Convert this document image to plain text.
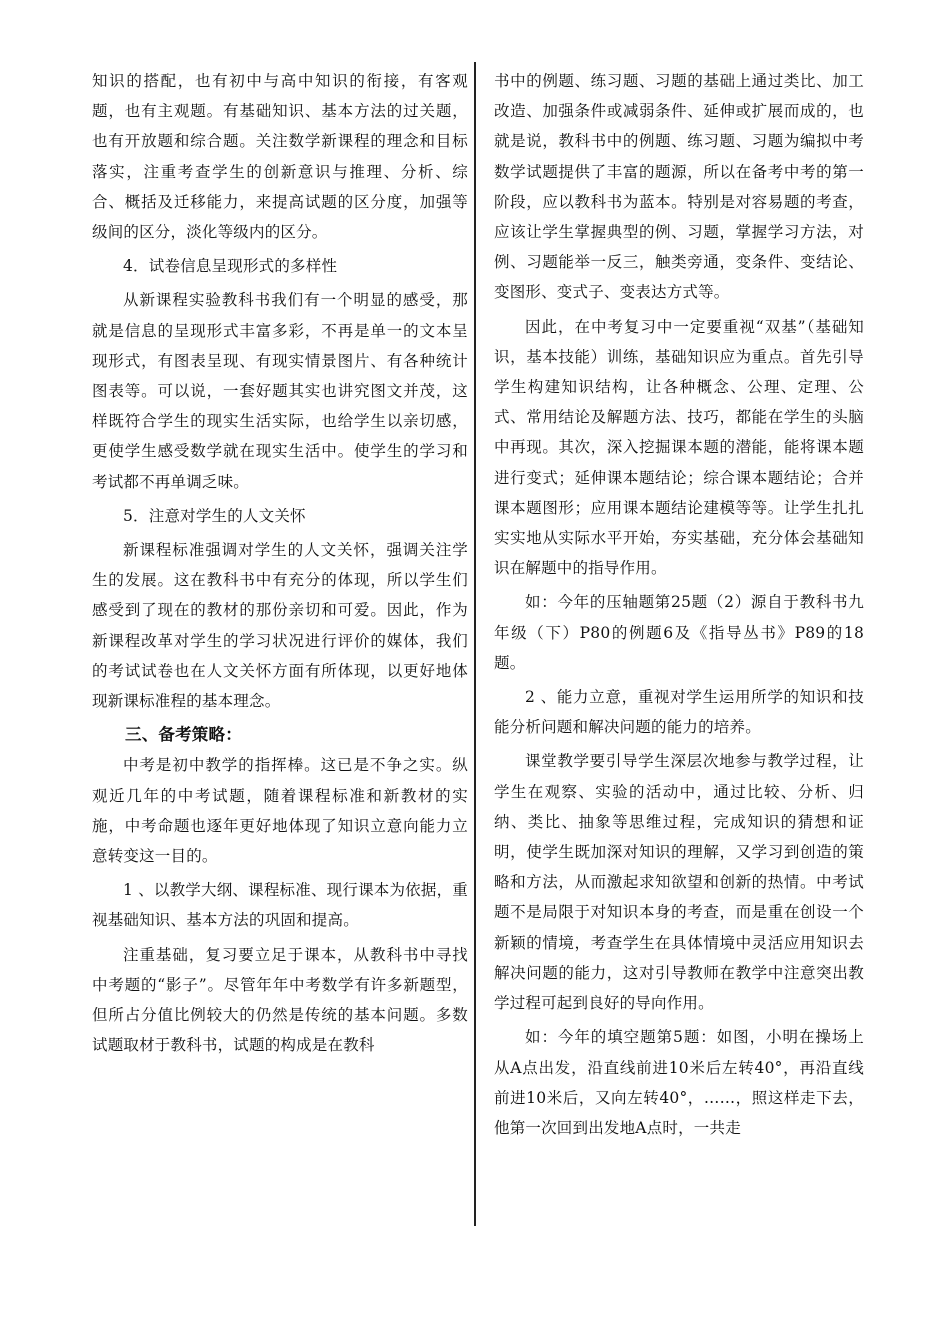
知识的搭配，也有初中与高中知识的衔接，有客观题，也有主观题。有基础知识、基本方法的过关题，也有开放题和综合题。关注数学新课程的理念和目标落实，注重考查学生的创新意识与推理、分析、综合、概括及迁移能力，来提高试题的区分度，加强等级间的区分，淡化等级内的区分。

4．试卷信息呈现形式的多样性

从新课程实验教科书我们有一个明显的感受，那就是信息的呈现形式丰富多彩，不再是单一的文本呈现形式，有图表呈现、有现实情景图片、有各种统计图表等。可以说，一套好题其实也讲究图文并茂，这样既符合学生的现实生活实际，也给学生以亲切感，更使学生感受数学就在现实生活中。使学生的学习和考试都不再单调乏味。

5．注意对学生的人文关怀

新课程标准强调对学生的人文关怀，强调关注学生的发展。这在教科书中有充分的体现，所以学生们感受到了现在的教材的那份亲切和可爱。因此，作为新课程改革对学生的学习状况进行评价的媒体，我们的考试试卷也在人文关怀方面有所体现，以更好地体现新课标准程的基本理念。

三、备考策略：

中考是初中教学的指挥棒。这已是不争之实。纵观近几年的中考试题，随着课程标准和新教材的实施，中考命题也逐年更好地体现了知识立意向能力立意转变这一目的。

1 、以教学大纲、课程标准、现行课本为依据，重视基础知识、基本方法的巩固和提高。

注重基础，复习要立足于课本，从教科书中寻找中考题的“影子”。尽管年年中考数学有许多新题型，但所占分值比例较大的仍然是传统的基本问题。多数试题取材于教科书，试题的构成是在教科

书中的例题、练习题、习题的基础上通过类比、加工改造、加强条件或减弱条件、延伸或扩展而成的，也就是说，教科书中的例题、练习题、习题为编拟中考数学试题提供了丰富的题源，所以在备考中考的第一阶段，应以教科书为蓝本。特别是对容易题的考查，应该让学生掌握典型的例、习题，掌握学习方法，对例、习题能举一反三，触类旁通，变条件、变结论、变图形、变式子、变表达方式等。

因此，在中考复习中一定要重视“双基”（基础知识，基本技能）训练，基础知识应为重点。首先引导学生构建知识结构，让各种概念、公理、定理、公式、常用结论及解题方法、技巧，都能在学生的头脑中再现。其次，深入挖掘课本题的潜能，能将课本题进行变式；延伸课本题结论；综合课本题结论；合并课本题图形；应用课本题结论建模等等。让学生扎扎实实地从实际水平开始，夯实基础，充分体会基础知识在解题中的指导作用。

如：今年的压轴题第25题（2）源自于教科书九年级（下）P80的例题6及《指导丛书》P89的18题。

2 、能力立意，重视对学生运用所学的知识和技能分析问题和解决问题的能力的培养。

课堂教学要引导学生深层次地参与教学过程，让学生在观察、实验的活动中，通过比较、分析、归纳、类比、抽象等思维过程，完成知识的猜想和证明，使学生既加深对知识的理解，又学习到创造的策略和方法，从而激起求知欲望和创新的热情。中考试题不是局限于对知识本身的考查，而是重在创设一个新颖的情境，考查学生在具体情境中灵活应用知识去解决问题的能力，这对引导教师在教学中注意突出教学过程可起到良好的导向作用。

如：今年的填空题第5题：如图，小明在操场上从A点出发，沿直线前进10米后左转40°，再沿直线前进10米后，又向左转40°，……，照这样走下去，他第一次回到出发地A点时，一共走
